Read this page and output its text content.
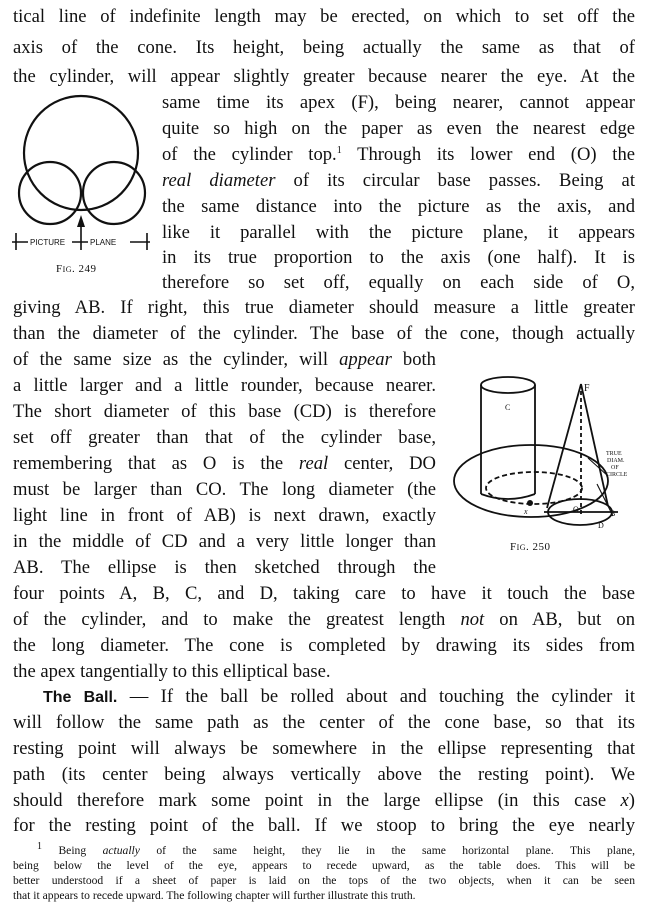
tical line of indefinite length may be erected, on which to set off the
axis of the cone. Its height, being actually the same as that of
the cylinder, will appear slightly greater because nearer the eye. At the
same time its apex (F), being nearer, cannot appear
quite so high on the paper as even the nearest edge
of the cylinder top.$^1$ Through its lower end (O) the
real diameter of its circular base passes. Being at
the same distance into the picture as the axis, and
like it parallel with the picture plane, it appears
in its true proportion to the axis (one half). It is
therefore so set off, equally on each side of O,
giving AB. If right, this true diameter should measure a little greater
than the diameter of the cylinder. The base of the cone, though actually
of the same size as the cylinder, will appear both
a little larger and a little rounder, because nearer.
The short diameter of this base (CD) is therefore
set off greater than that of the cylinder base,
remembering that as O is the real center, DO
must be larger than CO. The long diameter (the
light line in front of AB) is next drawn, exactly
in the middle of CD and a very little longer than
AB. The ellipse is then sketched through the
four points A, B, C, and D, taking care to have it touch the base
of the cylinder, and to make the greatest length not on AB, but on
the long diameter. The cone is completed by drawing its sides from
the apex tangentially to this elliptical base.
The Ball. — If the ball be rolled about and touching the cylinder it
will follow the same path as the center of the cone base, so that its
resting point will always be somewhere in the ellipse representing that
path (its center being always vertically above the resting point). We
should therefore mark some point in the large ellipse (in this case x)
for the resting point of the ball. If we stoop to bring the eye nearly
$^1$ Being actually of the same height, they lie in the same horizontal plane. This plane,
being below the level of the eye, appears to recede upward, as the table does. This will be
better understood if a sheet of paper is laid on the tops of the two objects, when it can be seen
that it appears to recede upward. The following chapter will further illustrate this truth.
PICTURE	PLANE
Fig. 249
F
C
TRUE
DIAM.
OF
CIRCLE
O
x	B
D
Fig. 250
